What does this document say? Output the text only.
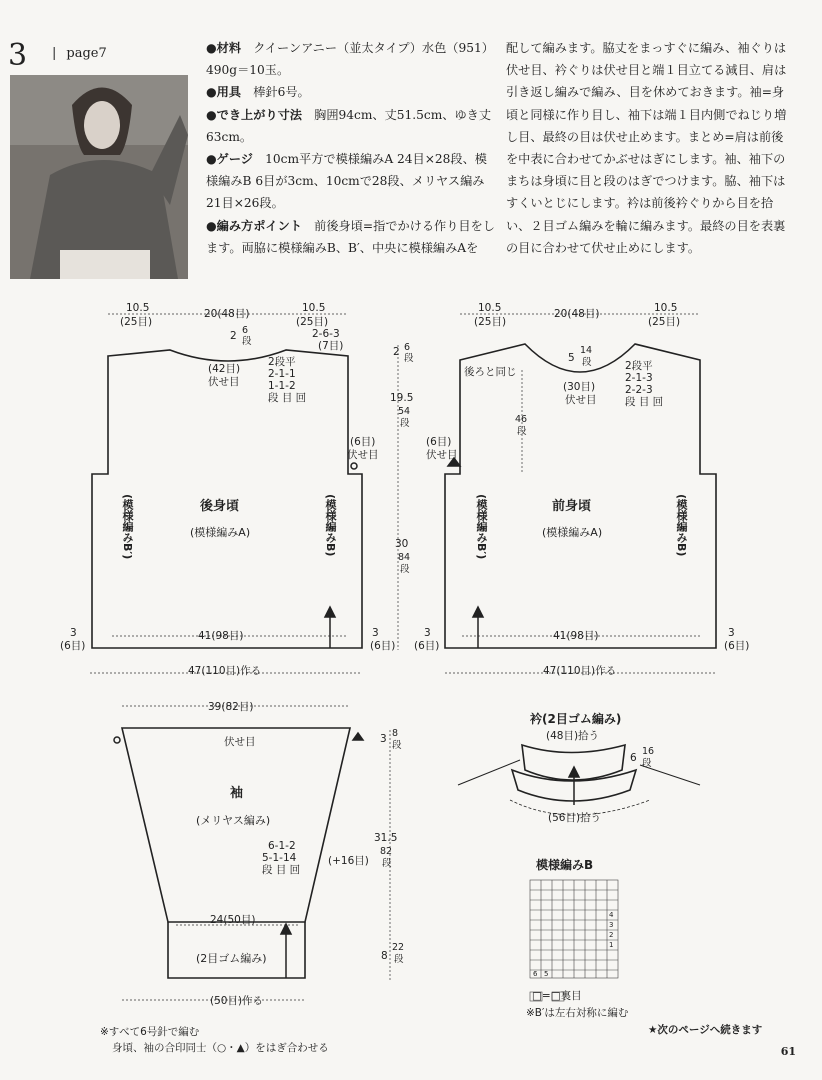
3 | page7	●材料　クイーンアニー（並太タイプ）水色（951）490g＝10玉。

●用具　棒針6号。

●でき上がり寸法　胸囲94cm、丈51.5cm、ゆき丈63cm。

●ゲージ　10cm平方で模様編みA 24目×28段、模様編みB 6目が3cm、10cmで28段、メリヤス編み21目×26段。

●編み方ポイント　前後身頃=指でかける作り目をします。両脇に模様編みB、B′、中央に模様編みAを

配して編みます。脇丈をまっすぐに編み、袖ぐりは伏せ目、衿ぐりは伏せ目と端１目立てる減目、肩は引き返し編みで編み、目を休めておきます。袖=身頃と同様に作り目し、袖下は端１目内側でねじり増し目、最終の目は伏せ止めます。まとめ=肩は前後を中表に合わせてかぶせはぎにします。袖、袖下のまちは身頃に目と段のはぎでつけます。脇、袖下はすくいとじにします。衿は前後衿ぐりから目を拾い、２目ゴム編みを輪に編みます。最終の目を表裏の目に合わせて伏せ止めにします。

10.5
(25目)
20(48目)	10.5
(25目)
2 6
段
(42目)
伏せ目
2-6-3
(7目)
2段平
2-1-1
1-1-2
段 目 回
(6目)
伏せ目
後身頃
(模様編みA)
(模様編みB′)	(模様編みB)
3
(6目)
41(98目)	3
(6目)
47(110目)作る
2 6
段
19.5
54
段
30
84
段
10.5
(25目)
20(48目)	10.5
(25目)
5
14
段
(30目)
伏せ目
後ろと同じ	2段平
2-1-3
2-2-3
段 目 回
46
段
(6目)
伏せ目
前身頃
(模様編みA)
(模様編みB′)	(模様編みB)
3
(6目)
41(98目)	3
(6目)
47(110目)作る
39(82目)
伏せ目
袖
(メリヤス編み)
6-1-2
5-1-14
段 目 回
(+16目)
24(50目)
(2目ゴム編み)
(50目)作る
3 8
段
31.5
82
段
8
22
段
衿(2目ゴム編み)
(48目)拾う
(56目)拾う
6
16
段
模様編みB
4
3
2
1
6 5
□=□裏目
※B′は左右対称に編む
※すべて6号針で編む
身頃、袖の合印同士（○・▲）をはぎ合わせる
★次のページへ続きます
61
